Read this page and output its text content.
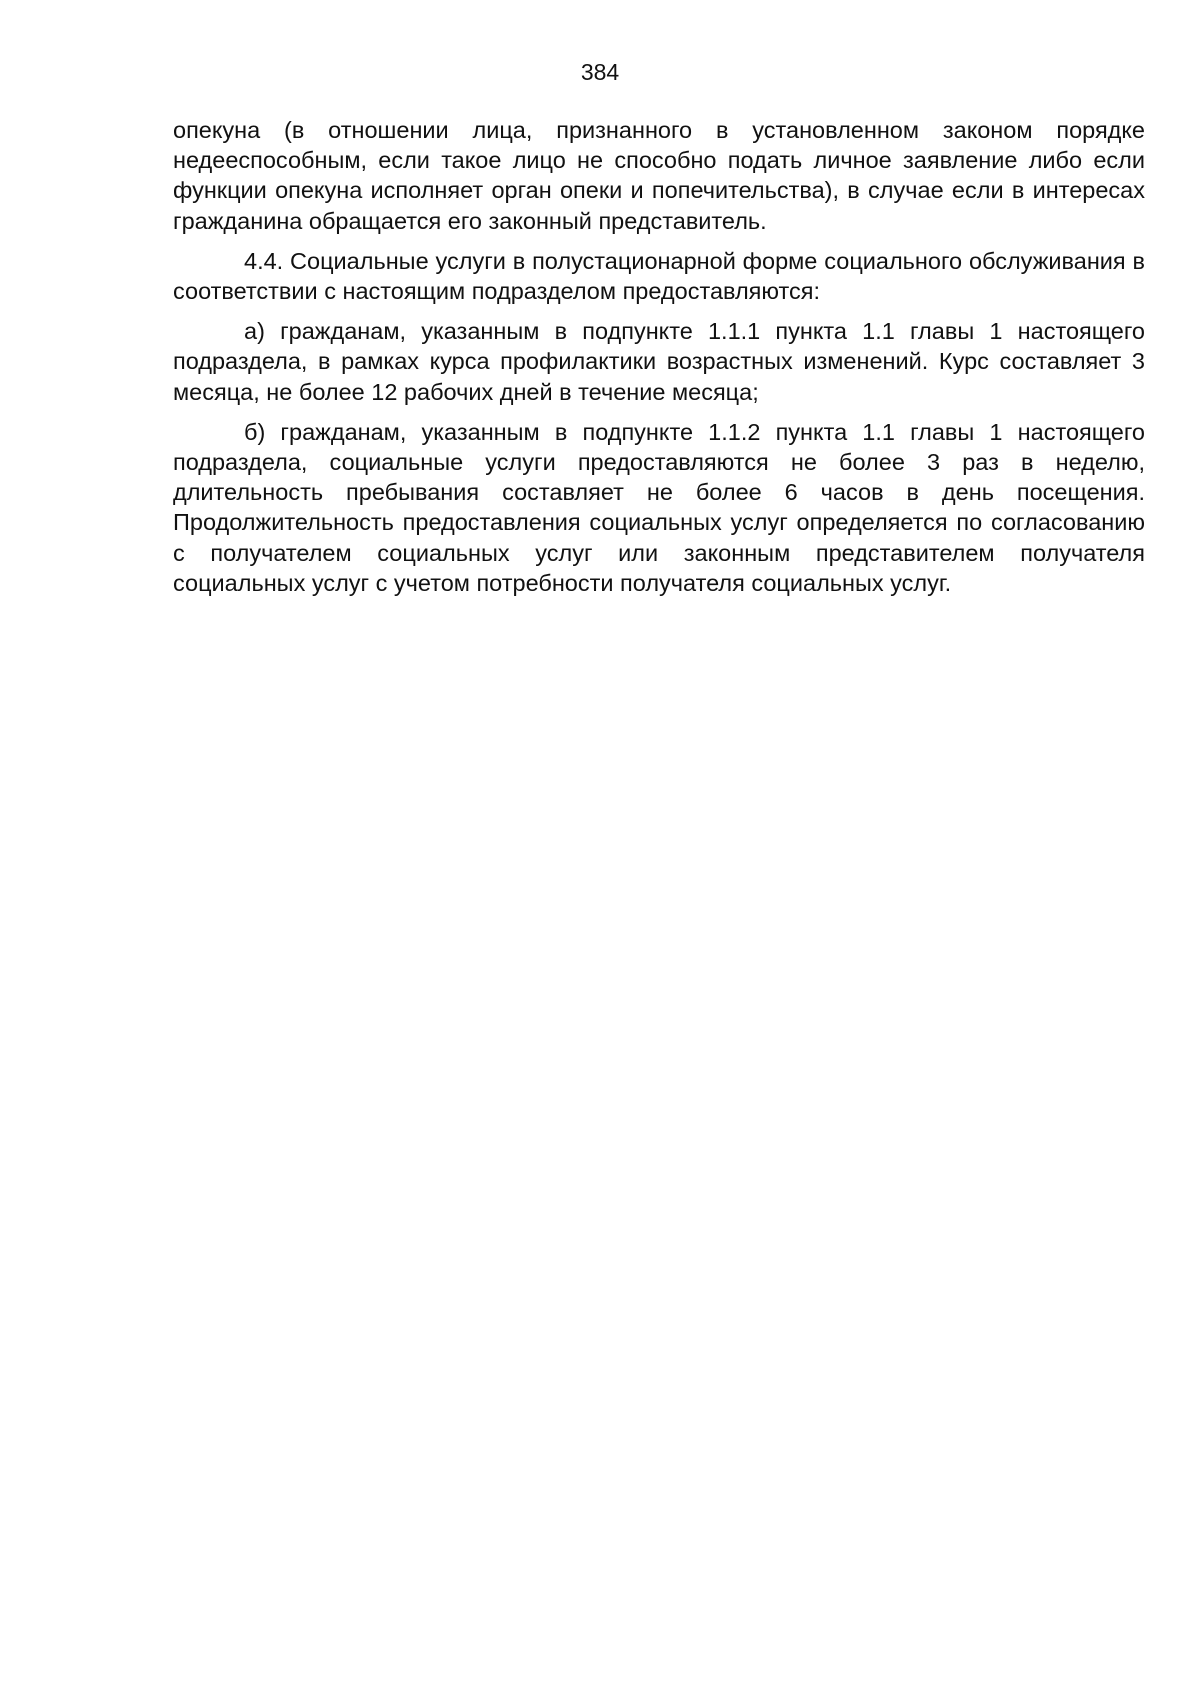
384

опекуна (в отношении лица, признанного в установленном законом порядке недееспособным, если такое лицо не способно подать личное заявление либо если функции опекуна исполняет орган опеки и попечительства), в случае если в интересах гражданина обращается его законный представитель.

4.4. Социальные услуги в полустационарной форме социального обслуживания в соответствии с настоящим подразделом предоставляются:

а) гражданам, указанным в подпункте 1.1.1 пункта 1.1 главы 1 настоящего подраздела, в рамках курса профилактики возрастных изменений. Курс составляет 3 месяца, не более 12 рабочих дней в течение месяца;

б) гражданам, указанным в подпункте 1.1.2 пункта 1.1 главы 1 настоящего подраздела, социальные услуги предоставляются не более 3 раз в неделю, длительность пребывания составляет не более 6 часов в день посещения. Продолжительность предоставления социальных услуг определяется по согласованию с получателем социальных услуг или законным представителем получателя социальных услуг с учетом потребности получателя социальных услуг.
